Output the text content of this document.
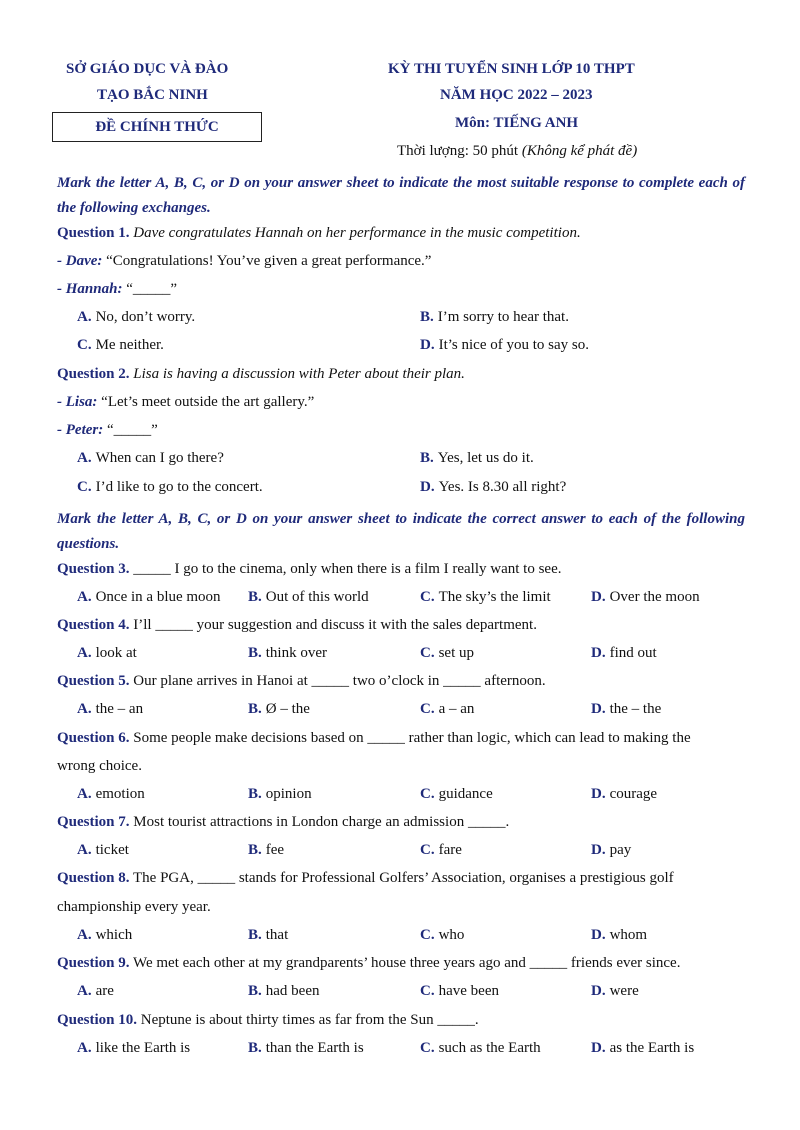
SỞ GIÁO DỤC VÀ ĐÀO
TẠO BẮC NINH
ĐỀ CHÍNH THỨC
KỲ THI TUYỂN SINH LỚP 10 THPT
NĂM HỌC 2022 – 2023
Môn: TIẾNG ANH
Thời lượng: 50 phút (Không kể phát đề)
Mark the letter A, B, C, or D on your answer sheet to indicate the most suitable response to complete each of the following exchanges.
Question 1. Dave congratulates Hannah on her performance in the music competition.
- Dave: “Congratulations! You’ve given a great performance.”
- Hannah: “_____”
A. No, don’t worry.	B. I’m sorry to hear that.
C. Me neither.	D. It’s nice of you to say so.
Question 2. Lisa is having a discussion with Peter about their plan.
- Lisa: “Let’s meet outside the art gallery.”
- Peter: “_____”
A. When can I go there?	B. Yes, let us do it.
C. I’d like to go to the concert.	D. Yes. Is 8.30 all right?
Mark the letter A, B, C, or D on your answer sheet to indicate the correct answer to each of the following questions.
Question 3. _____ I go to the cinema, only when there is a film I really want to see.
A. Once in a blue moon B. Out of this world	C. The sky’s the limit	D. Over the moon
Question 4. I’ll _____ your suggestion and discuss it with the sales department.
A. look at	B. think over	C. set up	D. find out
Question 5. Our plane arrives in Hanoi at _____ two o’clock in _____ afternoon.
A. the – an	B. Ø – the	C. a – an	D. the – the
Question 6. Some people make decisions based on _____ rather than logic, which can lead to making the
wrong choice.
A. emotion	B. opinion	C. guidance	D. courage
Question 7. Most tourist attractions in London charge an admission _____.
A. ticket	B. fee	C. fare	D. pay
Question 8. The PGA, _____ stands for Professional Golfers’ Association, organises a prestigious golf
championship every year.
A. which	B. that	C. who	D. whom
Question 9. We met each other at my grandparents’ house three years ago and _____ friends ever since.
A. are	B. had been	C. have been	D. were
Question 10. Neptune is about thirty times as far from the Sun _____.
A. like the Earth is	B. than the Earth is	C. such as the Earth	D. as the Earth is
